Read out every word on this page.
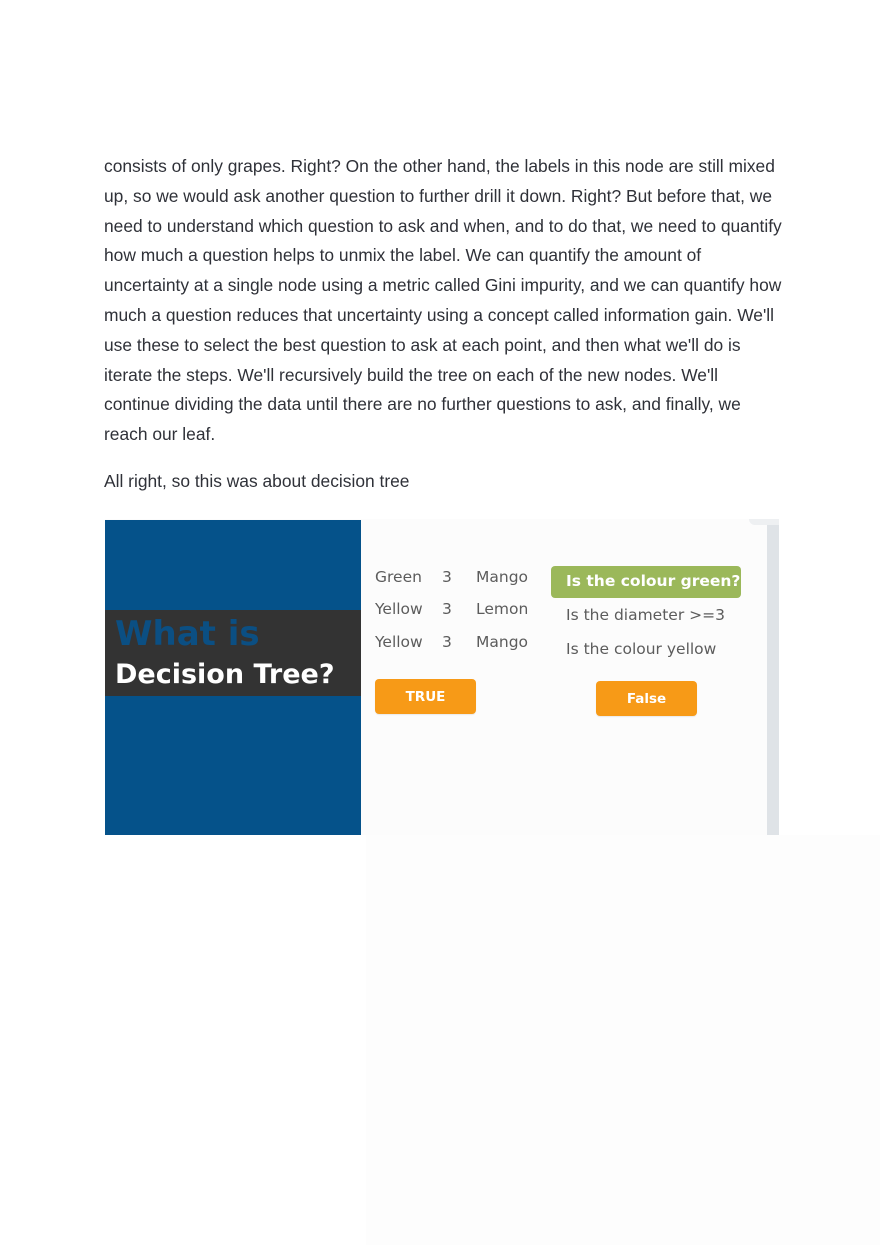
consists of only grapes. Right? On the other hand, the labels in this node are still mixed
up, so we would ask another question to further drill it down. Right? But before that, we
need to understand which question to ask and when, and to do that, we need to quantify
how much a question helps to unmix the label. We can quantify the amount of
uncertainty at a single node using a metric called Gini impurity, and we can quantify how
much a question reduces that uncertainty using a concept called information gain. We'll
use these to select the best question to ask at each point, and then what we'll do is
iterate the steps. We'll recursively build the tree on each of the new nodes. We'll
continue dividing the data until there are no further questions to ask, and finally, we
reach our leaf.

All right, so this was about decision tree

What is
Decision Tree?
Green 3 Mango
Yellow 3 Lemon
Yellow 3 Mango
Is the colour green?
Is the diameter >=3
Is the colour yellow
TRUE	False
